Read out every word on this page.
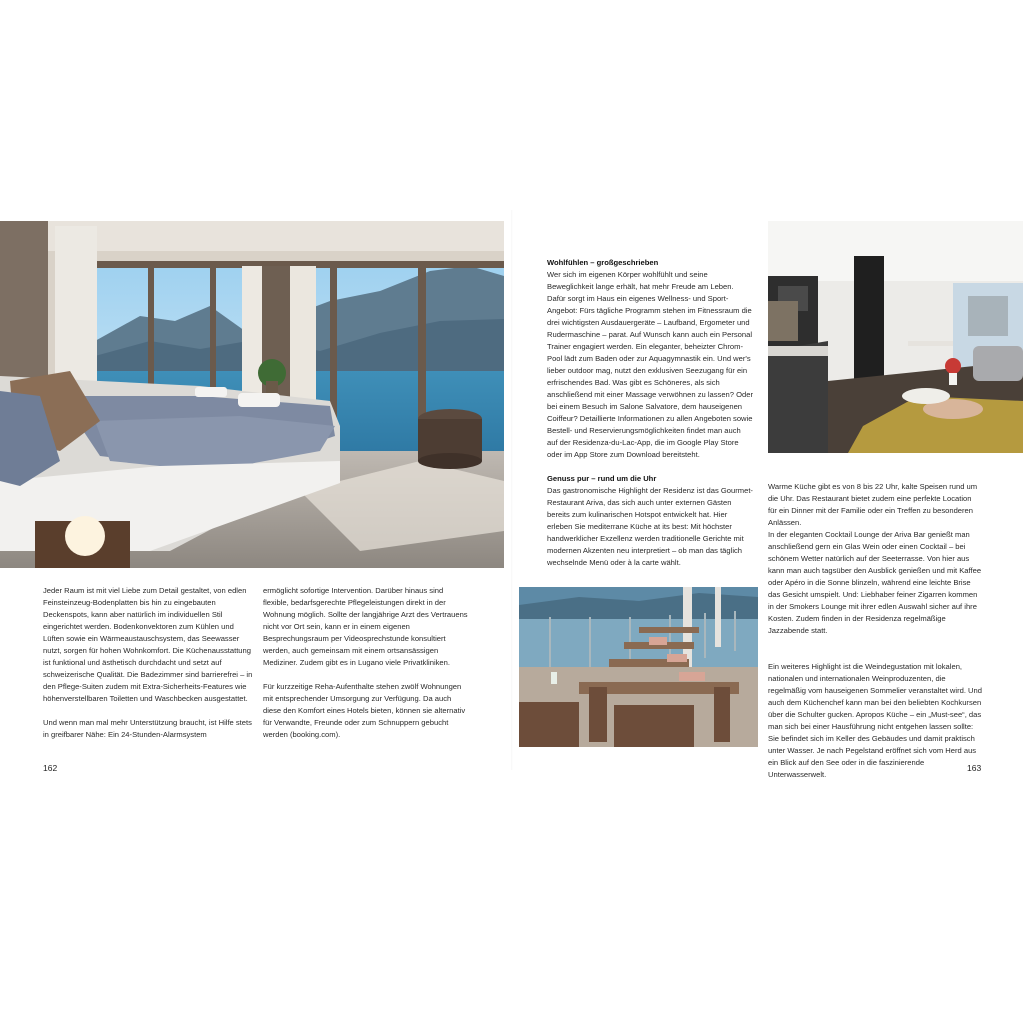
Jeder Raum ist mit viel Liebe zum Detail gestaltet, von edlen Feinsteinzeug-Bodenplatten bis hin zu eingebauten Deckenspots, kann aber natürlich im individuellen Stil eingerichtet werden. Bodenkonvektoren zum Kühlen und Lüften sowie ein Wärmeaustauschsystem, das Seewasser nutzt, sorgen für hohen Wohnkomfort. Die Küchenausstattung ist funktional und ästhetisch durchdacht und setzt auf schweizerische Qualität. Die Badezimmer sind barrierefrei – in den Pflege-Suiten zudem mit Extra-Sicherheits-Features wie höhenverstellbaren Toiletten und Waschbecken ausgestattet.

Und wenn man mal mehr Unterstützung braucht, ist Hilfe stets in greifbarer Nähe: Ein 24-Stunden-Alarmsystem

ermöglicht sofortige Intervention. Darüber hinaus sind flexible, bedarfsgerechte Pflegeleistungen direkt in der Wohnung möglich. Sollte der langjährige Arzt des Vertrauens nicht vor Ort sein, kann er in einem eigenen Besprechungsraum per Videosprechstunde konsultiert werden, auch gemeinsam mit einem ortsansässigen Mediziner. Zudem gibt es in Lugano viele Privatkliniken.

Für kurzzeitige Reha-Aufenthalte stehen zwölf Wohnungen mit entsprechender Umsorgung zur Verfügung. Da auch diese den Komfort eines Hotels bieten, können sie alternativ für Verwandte, Freunde oder zum Schnuppern gebucht werden (booking.com).

162
Wohlfühlen – großgeschrieben

Wer sich im eigenen Körper wohlfühlt und seine Beweglichkeit lange erhält, hat mehr Freude am Leben. Dafür sorgt im Haus ein eigenes Wellness- und Sport-Angebot: Fürs tägliche Programm stehen im Fitnessraum die drei wichtigsten Ausdauergeräte – Laufband, Ergometer und Rudermaschine – parat. Auf Wunsch kann auch ein Personal Trainer engagiert werden. Ein eleganter, beheizter Chrom-Pool lädt zum Baden oder zur Aquagymnastik ein. Und wer's lieber outdoor mag, nutzt den exklusiven Seezugang für ein erfrischendes Bad. Was gibt es Schöneres, als sich anschließend mit einer Massage verwöhnen zu lassen? Oder bei einem Besuch im Salone Salvatore, dem hauseigenen Coiffeur? Detaillierte Informationen zu allen Angeboten sowie Bestell- und Reservierungsmöglichkeiten findet man auch auf der Residenza-du-Lac-App, die im Google Play Store oder im App Store zum Download bereitsteht.

Genuss pur – rund um die Uhr

Das gastronomische Highlight der Residenz ist das Gourmet-Restaurant Ariva, das sich auch unter externen Gästen bereits zum kulinarischen Hotspot entwickelt hat. Hier erleben Sie mediterrane Küche at its best: Mit höchster handwerklicher Exzellenz werden traditionelle Gerichte mit modernen Akzenten neu interpretiert – ob man das täglich wechselnde Menü oder à la carte wählt.

Warme Küche gibt es von 8 bis 22 Uhr, kalte Speisen rund um die Uhr. Das Restaurant bietet zudem eine perfekte Location für ein Dinner mit der Familie oder ein Treffen zu besonderen Anlässen.
In der eleganten Cocktail Lounge der Ariva Bar genießt man anschließend gern ein Glas Wein oder einen Cocktail – bei schönem Wetter natürlich auf der Seeterrasse. Von hier aus kann man auch tagsüber den Ausblick genießen und mit Kaffee oder Apéro in die Sonne blinzeln, während eine leichte Brise das Gesicht umspielt. Und: Liebhaber feiner Zigarren kommen in der Smokers Lounge mit ihrer edlen Auswahl sicher auf ihre Kosten. Zudem finden in der Residenza regelmäßige Jazzabende statt.

Ein weiteres Highlight ist die Weindegustation mit lokalen, nationalen und internationalen Weinproduzenten, die regelmäßig vom hauseigenen Sommelier veranstaltet wird. Und auch dem Küchenchef kann man bei den beliebten Kochkursen über die Schulter gucken. Apropos Küche – ein „Must-see“, das man sich bei einer Hausführung nicht entgehen lassen sollte: Sie befindet sich im Keller des Gebäudes und damit praktisch unter Wasser. Je nach Pegelstand eröffnet sich vom Herd aus ein Blick auf den See oder in die faszinierende Unterwasserwelt.

163
